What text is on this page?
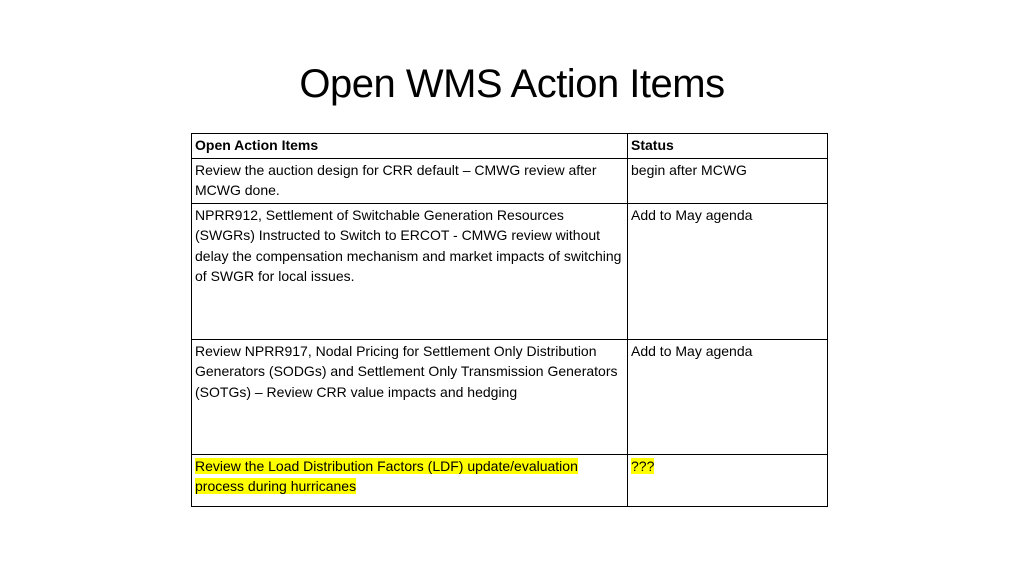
Open WMS Action Items
Open Action Items	Status
Review the auction design for CRR default – CMWG review after MCWG done.	begin after MCWG
NPRR912, Settlement of Switchable Generation Resources (SWGRs) Instructed to Switch to ERCOT - CMWG review without delay the compensation mechanism and market impacts of switching of SWGR for local issues.	Add to May agenda
Review NPRR917, Nodal Pricing for Settlement Only Distribution Generators (SODGs) and Settlement Only Transmission Generators (SOTGs) – Review CRR value impacts and hedging	Add to May agenda
Review the Load Distribution Factors (LDF) update/evaluation process during hurricanes	???
